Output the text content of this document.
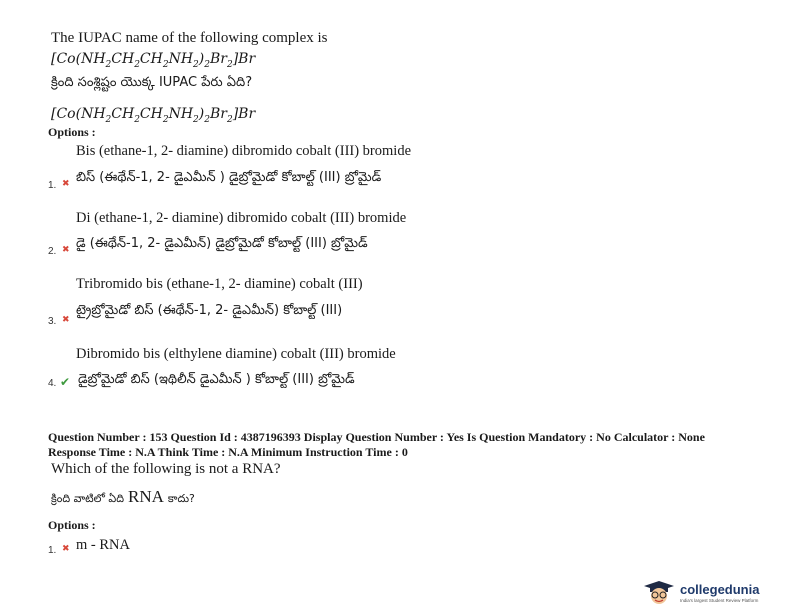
The IUPAC name of the following complex is
$[Co(NH_2CH_2CH_2NH_2)_2Br_2]Br$
క్రింది సంశ్లిష్టం యొక్క IUPAC పేరు ఏది?
$[Co(NH_2CH_2CH_2NH_2)_2Br_2]Br$
Options :
Bis (ethane-1, 2- diamine) dibromido cobalt (III) bromide
1. ✖ బిస్ (ఈథేన్-1, 2- డైఎమీన్ ) డైబ్రోమైడో కోబాల్ట్ (III) బ్రోమైడ్
Di (ethane-1, 2- diamine) dibromido cobalt (III) bromide
2. ✖ డై (ఈథేన్-1, 2- డైఎమీన్) డైబ్రోమైడో కోబాల్ట్ (III) బ్రోమైడ్
Tribromido bis (ethane-1, 2- diamine) cobalt (III)
3. ✖
ట్రైబ్రోమైడో బిస్ (ఈథేన్-1, 2- డైఎమీన్) కోబాల్ట్ (III)
Dibromido bis (elthylene diamine) cobalt (III) bromide
4. ✔ డైబ్రోమైడో బిస్ (ఇథిలీన్ డైఎమీన్ ) కోబాల్ట్ (III) బ్రోమైడ్
Question Number : 153 Question Id : 4387196393 Display Question Number : Yes Is Question Mandatory : No Calculator : None
Response Time : N.A Think Time : N.A Minimum Instruction Time : 0
Which of the following is not a RNA?
క్రింది వాటిలో ఏది RNA కాదు?
Options :
1. ✖ m - RNA
collegedunia
India's largest Student Review Platform
